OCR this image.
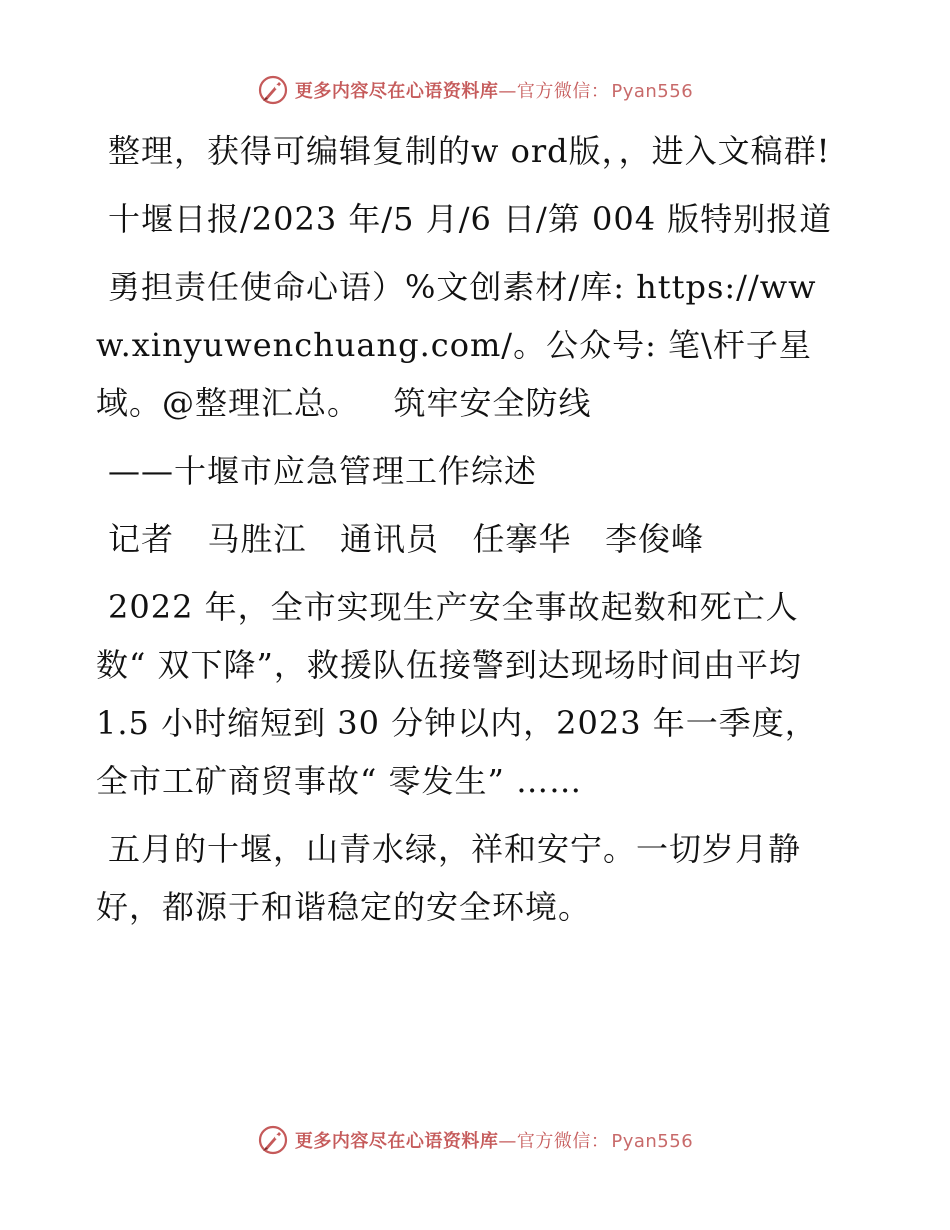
更多内容尽在心语资料库—官方微信： Pyan556

整理，获得可编辑复制的w ord版，，进入文稿群!

十堰日报/2023 年/5 月/6 日/第 004 版特别报道

勇担责任使命心语）%文创素材/库: https://www.xinyuwenchuang.com/。公众号: 笔\杆子星域。@整理汇总。   筑牢安全防线

——十堰市应急管理工作综述

记者   马胜江   通讯员   任搴华   李俊峰

2022 年，全市实现生产安全事故起数和死亡人数“ 双下降”，救援队伍接警到达现场时间由平均 1.5 小时缩短到 30 分钟以内，2023 年一季度，全市工矿商贸事故“ 零发生” ……

五月的十堰，山青水绿，祥和安宁。一切岁月静好，都源于和谐稳定的安全环境。

更多内容尽在心语资料库—官方微信： Pyan556
